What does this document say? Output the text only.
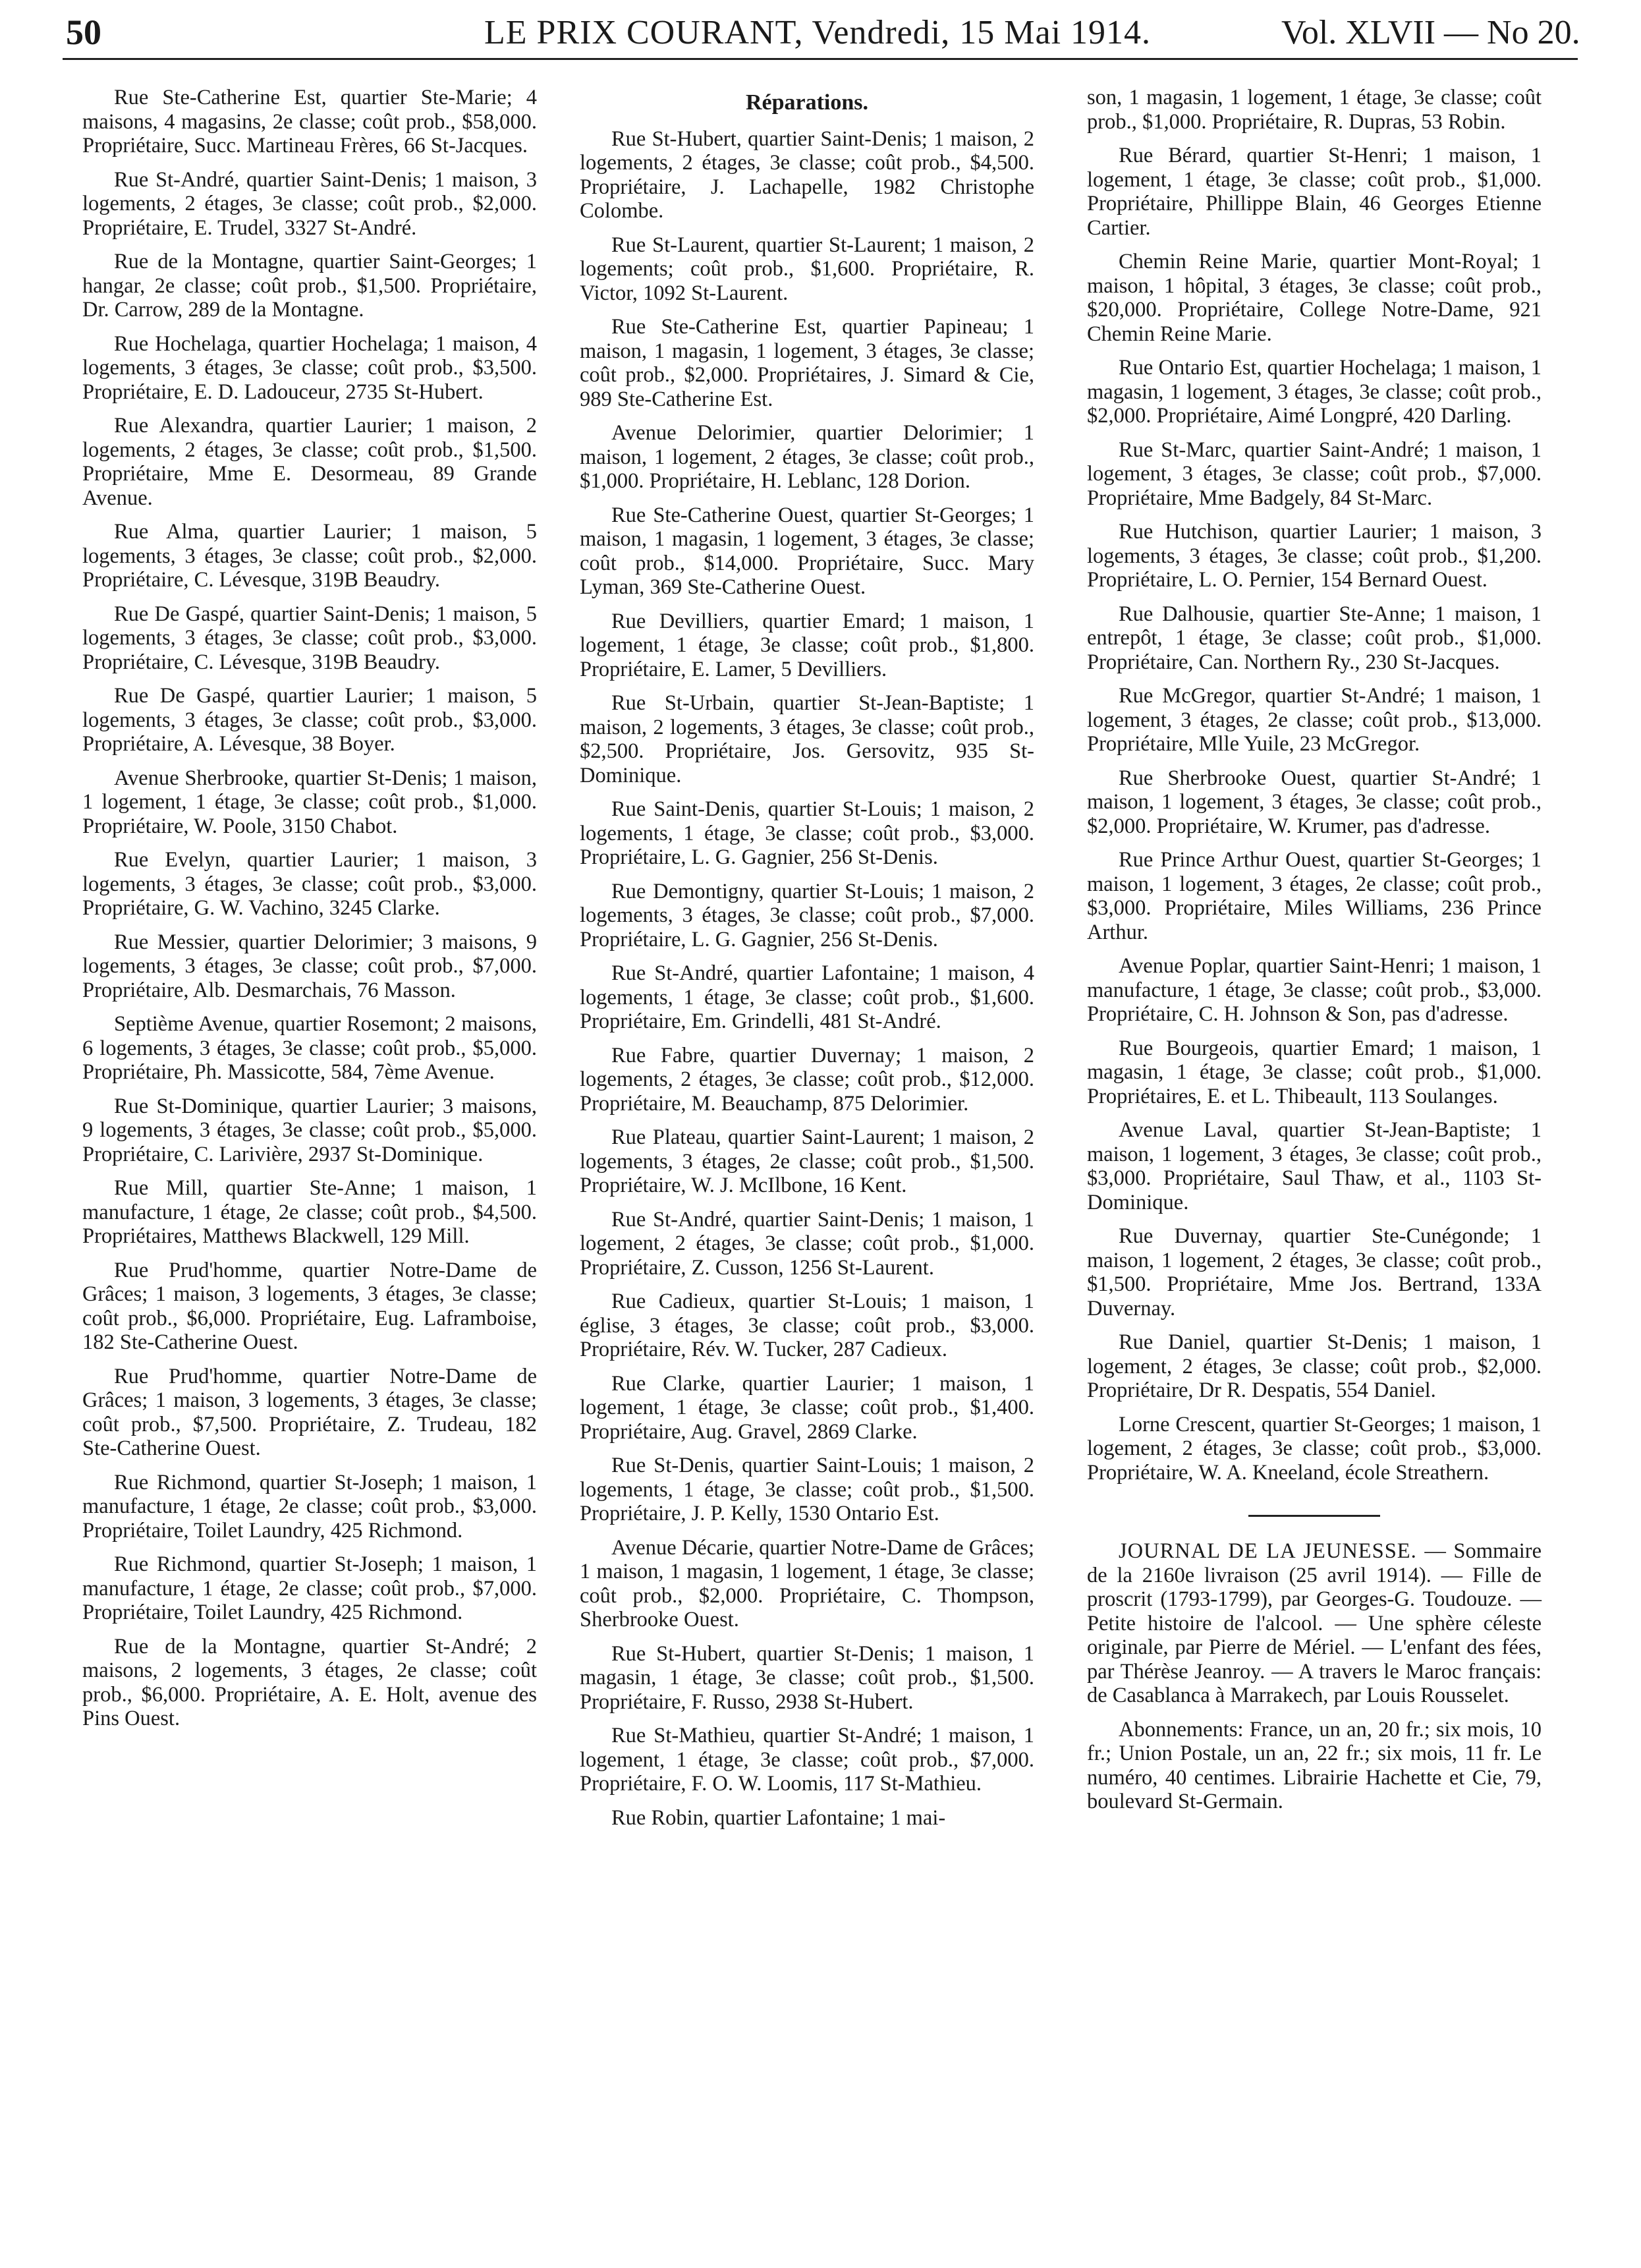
50	LE PRIX COURANT, Vendredi, 15 Mai 1914.	Vol. XLVII — No 20.

Rue Ste-Catherine Est, quartier Ste-Marie; 4 maisons, 4 magasins, 2e classe; coût prob., $58,000. Propriétaire, Succ. Martineau Frères, 66 St-Jacques.

Rue St-André, quartier Saint-Denis; 1 maison, 3 logements, 2 étages, 3e classe; coût prob., $2,000. Propriétaire, E. Trudel, 3327 St-André.

Rue de la Montagne, quartier Saint-Georges; 1 hangar, 2e classe; coût prob., $1,500. Propriétaire, Dr. Carrow, 289 de la Montagne.

Rue Hochelaga, quartier Hochelaga; 1 maison, 4 logements, 3 étages, 3e classe; coût prob., $3,500. Propriétaire, E. D. Ladouceur, 2735 St-Hubert.

Rue Alexandra, quartier Laurier; 1 maison, 2 logements, 2 étages, 3e classe; coût prob., $1,500. Propriétaire, Mme E. Desormeau, 89 Grande Avenue.

Rue Alma, quartier Laurier; 1 maison, 5 logements, 3 étages, 3e classe; coût prob., $2,000. Propriétaire, C. Lévesque, 319B Beaudry.

Rue De Gaspé, quartier Saint-Denis; 1 maison, 5 logements, 3 étages, 3e classe; coût prob., $3,000. Propriétaire, C. Lévesque, 319B Beaudry.

Rue De Gaspé, quartier Laurier; 1 maison, 5 logements, 3 étages, 3e classe; coût prob., $3,000. Propriétaire, A. Lévesque, 38 Boyer.

Avenue Sherbrooke, quartier St-Denis; 1 maison, 1 logement, 1 étage, 3e classe; coût prob., $1,000. Propriétaire, W. Poole, 3150 Chabot.

Rue Evelyn, quartier Laurier; 1 maison, 3 logements, 3 étages, 3e classe; coût prob., $3,000. Propriétaire, G. W. Vachino, 3245 Clarke.

Rue Messier, quartier Delorimier; 3 maisons, 9 logements, 3 étages, 3e classe; coût prob., $7,000. Propriétaire, Alb. Desmarchais, 76 Masson.

Septième Avenue, quartier Rosemont; 2 maisons, 6 logements, 3 étages, 3e classe; coût prob., $5,000. Propriétaire, Ph. Massicotte, 584, 7ème Avenue.

Rue St-Dominique, quartier Laurier; 3 maisons, 9 logements, 3 étages, 3e classe; coût prob., $5,000. Propriétaire, C. Larivière, 2937 St-Dominique.

Rue Mill, quartier Ste-Anne; 1 maison, 1 manufacture, 1 étage, 2e classe; coût prob., $4,500. Propriétaires, Matthews Blackwell, 129 Mill.

Rue Prud'homme, quartier Notre-Dame de Grâces; 1 maison, 3 logements, 3 étages, 3e classe; coût prob., $6,000. Propriétaire, Eug. Laframboise, 182 Ste-Catherine Ouest.

Rue Prud'homme, quartier Notre-Dame de Grâces; 1 maison, 3 logements, 3 étages, 3e classe; coût prob., $7,500. Propriétaire, Z. Trudeau, 182 Ste-Catherine Ouest.

Rue Richmond, quartier St-Joseph; 1 maison, 1 manufacture, 1 étage, 2e classe; coût prob., $3,000. Propriétaire, Toilet Laundry, 425 Richmond.

Rue Richmond, quartier St-Joseph; 1 maison, 1 manufacture, 1 étage, 2e classe; coût prob., $7,000. Propriétaire, Toilet Laundry, 425 Richmond.

Rue de la Montagne, quartier St-André; 2 maisons, 2 logements, 3 étages, 2e classe; coût prob., $6,000. Propriétaire, A. E. Holt, avenue des Pins Ouest.

Réparations.

Rue St-Hubert, quartier Saint-Denis; 1 maison, 2 logements, 2 étages, 3e classe; coût prob., $4,500. Propriétaire, J. Lachapelle, 1982 Christophe Colombe.

Rue St-Laurent, quartier St-Laurent; 1 maison, 2 logements; coût prob., $1,600. Propriétaire, R. Victor, 1092 St-Laurent.

Rue Ste-Catherine Est, quartier Papineau; 1 maison, 1 magasin, 1 logement, 3 étages, 3e classe; coût prob., $2,000. Propriétaires, J. Simard & Cie, 989 Ste-Catherine Est.

Avenue Delorimier, quartier Delorimier; 1 maison, 1 logement, 2 étages, 3e classe; coût prob., $1,000. Propriétaire, H. Leblanc, 128 Dorion.

Rue Ste-Catherine Ouest, quartier St-Georges; 1 maison, 1 magasin, 1 logement, 3 étages, 3e classe; coût prob., $14,000. Propriétaire, Succ. Mary Lyman, 369 Ste-Catherine Ouest.

Rue Devilliers, quartier Emard; 1 maison, 1 logement, 1 étage, 3e classe; coût prob., $1,800. Propriétaire, E. Lamer, 5 Devilliers.

Rue St-Urbain, quartier St-Jean-Baptiste; 1 maison, 2 logements, 3 étages, 3e classe; coût prob., $2,500. Propriétaire, Jos. Gersovitz, 935 St-Dominique.

Rue Saint-Denis, quartier St-Louis; 1 maison, 2 logements, 1 étage, 3e classe; coût prob., $3,000. Propriétaire, L. G. Gagnier, 256 St-Denis.

Rue Demontigny, quartier St-Louis; 1 maison, 2 logements, 3 étages, 3e classe; coût prob., $7,000. Propriétaire, L. G. Gagnier, 256 St-Denis.

Rue St-André, quartier Lafontaine; 1 maison, 4 logements, 1 étage, 3e classe; coût prob., $1,600. Propriétaire, Em. Grindelli, 481 St-André.

Rue Fabre, quartier Duvernay; 1 maison, 2 logements, 2 étages, 3e classe; coût prob., $12,000. Propriétaire, M. Beauchamp, 875 Delorimier.

Rue Plateau, quartier Saint-Laurent; 1 maison, 2 logements, 3 étages, 2e classe; coût prob., $1,500. Propriétaire, W. J. McIlbone, 16 Kent.

Rue St-André, quartier Saint-Denis; 1 maison, 1 logement, 2 étages, 3e classe; coût prob., $1,000. Propriétaire, Z. Cusson, 1256 St-Laurent.

Rue Cadieux, quartier St-Louis; 1 maison, 1 église, 3 étages, 3e classe; coût prob., $3,000. Propriétaire, Rév. W. Tucker, 287 Cadieux.

Rue Clarke, quartier Laurier; 1 maison, 1 logement, 1 étage, 3e classe; coût prob., $1,400. Propriétaire, Aug. Gravel, 2869 Clarke.

Rue St-Denis, quartier Saint-Louis; 1 maison, 2 logements, 1 étage, 3e classe; coût prob., $1,500. Propriétaire, J. P. Kelly, 1530 Ontario Est.

Avenue Décarie, quartier Notre-Dame de Grâces; 1 maison, 1 magasin, 1 logement, 1 étage, 3e classe; coût prob., $2,000. Propriétaire, C. Thompson, Sherbrooke Ouest.

Rue St-Hubert, quartier St-Denis; 1 maison, 1 magasin, 1 étage, 3e classe; coût prob., $1,500. Propriétaire, F. Russo, 2938 St-Hubert.

Rue St-Mathieu, quartier St-André; 1 maison, 1 logement, 1 étage, 3e classe; coût prob., $7,000. Propriétaire, F. O. W. Loomis, 117 St-Mathieu.

Rue Robin, quartier Lafontaine; 1 mai-

son, 1 magasin, 1 logement, 1 étage, 3e classe; coût prob., $1,000. Propriétaire, R. Dupras, 53 Robin.

Rue Bérard, quartier St-Henri; 1 maison, 1 logement, 1 étage, 3e classe; coût prob., $1,000. Propriétaire, Phillippe Blain, 46 Georges Etienne Cartier.

Chemin Reine Marie, quartier Mont-Royal; 1 maison, 1 hôpital, 3 étages, 3e classe; coût prob., $20,000. Propriétaire, College Notre-Dame, 921 Chemin Reine Marie.

Rue Ontario Est, quartier Hochelaga; 1 maison, 1 magasin, 1 logement, 3 étages, 3e classe; coût prob., $2,000. Propriétaire, Aimé Longpré, 420 Darling.

Rue St-Marc, quartier Saint-André; 1 maison, 1 logement, 3 étages, 3e classe; coût prob., $7,000. Propriétaire, Mme Badgely, 84 St-Marc.

Rue Hutchison, quartier Laurier; 1 maison, 3 logements, 3 étages, 3e classe; coût prob., $1,200. Propriétaire, L. O. Pernier, 154 Bernard Ouest.

Rue Dalhousie, quartier Ste-Anne; 1 maison, 1 entrepôt, 1 étage, 3e classe; coût prob., $1,000. Propriétaire, Can. Northern Ry., 230 St-Jacques.

Rue McGregor, quartier St-André; 1 maison, 1 logement, 3 étages, 2e classe; coût prob., $13,000. Propriétaire, Mlle Yuile, 23 McGregor.

Rue Sherbrooke Ouest, quartier St-André; 1 maison, 1 logement, 3 étages, 3e classe; coût prob., $2,000. Propriétaire, W. Krumer, pas d'adresse.

Rue Prince Arthur Ouest, quartier St-Georges; 1 maison, 1 logement, 3 étages, 2e classe; coût prob., $3,000. Propriétaire, Miles Williams, 236 Prince Arthur.

Avenue Poplar, quartier Saint-Henri; 1 maison, 1 manufacture, 1 étage, 3e classe; coût prob., $3,000. Propriétaire, C. H. Johnson & Son, pas d'adresse.

Rue Bourgeois, quartier Emard; 1 maison, 1 magasin, 1 étage, 3e classe; coût prob., $1,000. Propriétaires, E. et L. Thibeault, 113 Soulanges.

Avenue Laval, quartier St-Jean-Baptiste; 1 maison, 1 logement, 3 étages, 3e classe; coût prob., $3,000. Propriétaire, Saul Thaw, et al., 1103 St-Dominique.

Rue Duvernay, quartier Ste-Cunégonde; 1 maison, 1 logement, 2 étages, 3e classe; coût prob., $1,500. Propriétaire, Mme Jos. Bertrand, 133A Duvernay.

Rue Daniel, quartier St-Denis; 1 maison, 1 logement, 2 étages, 3e classe; coût prob., $2,000. Propriétaire, Dr R. Despatis, 554 Daniel.

Lorne Crescent, quartier St-Georges; 1 maison, 1 logement, 2 étages, 3e classe; coût prob., $3,000. Propriétaire, W. A. Kneeland, école Streathern.

JOURNAL DE LA JEUNESSE. — Sommaire de la 2160e livraison (25 avril 1914). — Fille de proscrit (1793-1799), par Georges-G. Toudouze. — Petite histoire de l'alcool. — Une sphère céleste originale, par Pierre de Mériel. — L'enfant des fées, par Thérèse Jeanroy. — A travers le Maroc français: de Casablanca à Marrakech, par Louis Rousselet.

Abonnements: France, un an, 20 fr.; six mois, 10 fr.; Union Postale, un an, 22 fr.; six mois, 11 fr. Le numéro, 40 centimes. Librairie Hachette et Cie, 79, boulevard St-Germain.
